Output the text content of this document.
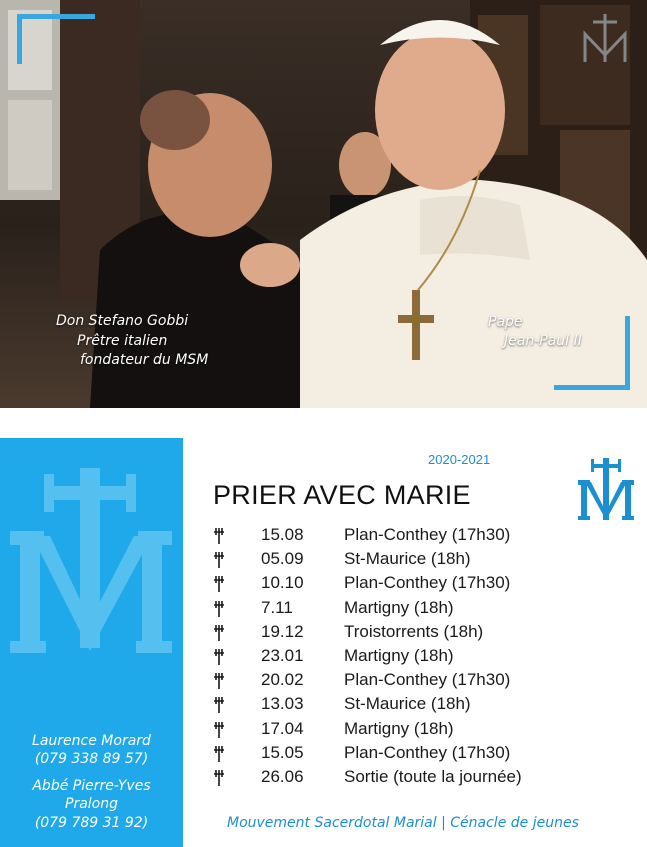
Don Stefano Gobbi
Prêtre italien
fondateur du MSM
Pape
Jean-Paul II
Laurence Morard
(079 338 89 57)
Abbé Pierre-Yves
Pralong
(079 789 31 92)
2020-2021
PRIER AVEC MARIE
15.08 Plan-Conthey (17h30)
05.09 St-Maurice (18h)
10.10 Plan-Conthey (17h30)
7.11	Martigny (18h)
19.12 Troistorrents (18h)
23.01 Martigny (18h)
20.02 Plan-Conthey (17h30)
13.03 St-Maurice (18h)
17.04 Martigny (18h)
15.05 Plan-Conthey (17h30)
26.06 Sortie (toute la journée)
Mouvement Sacerdotal Marial | Cénacle de jeunes
